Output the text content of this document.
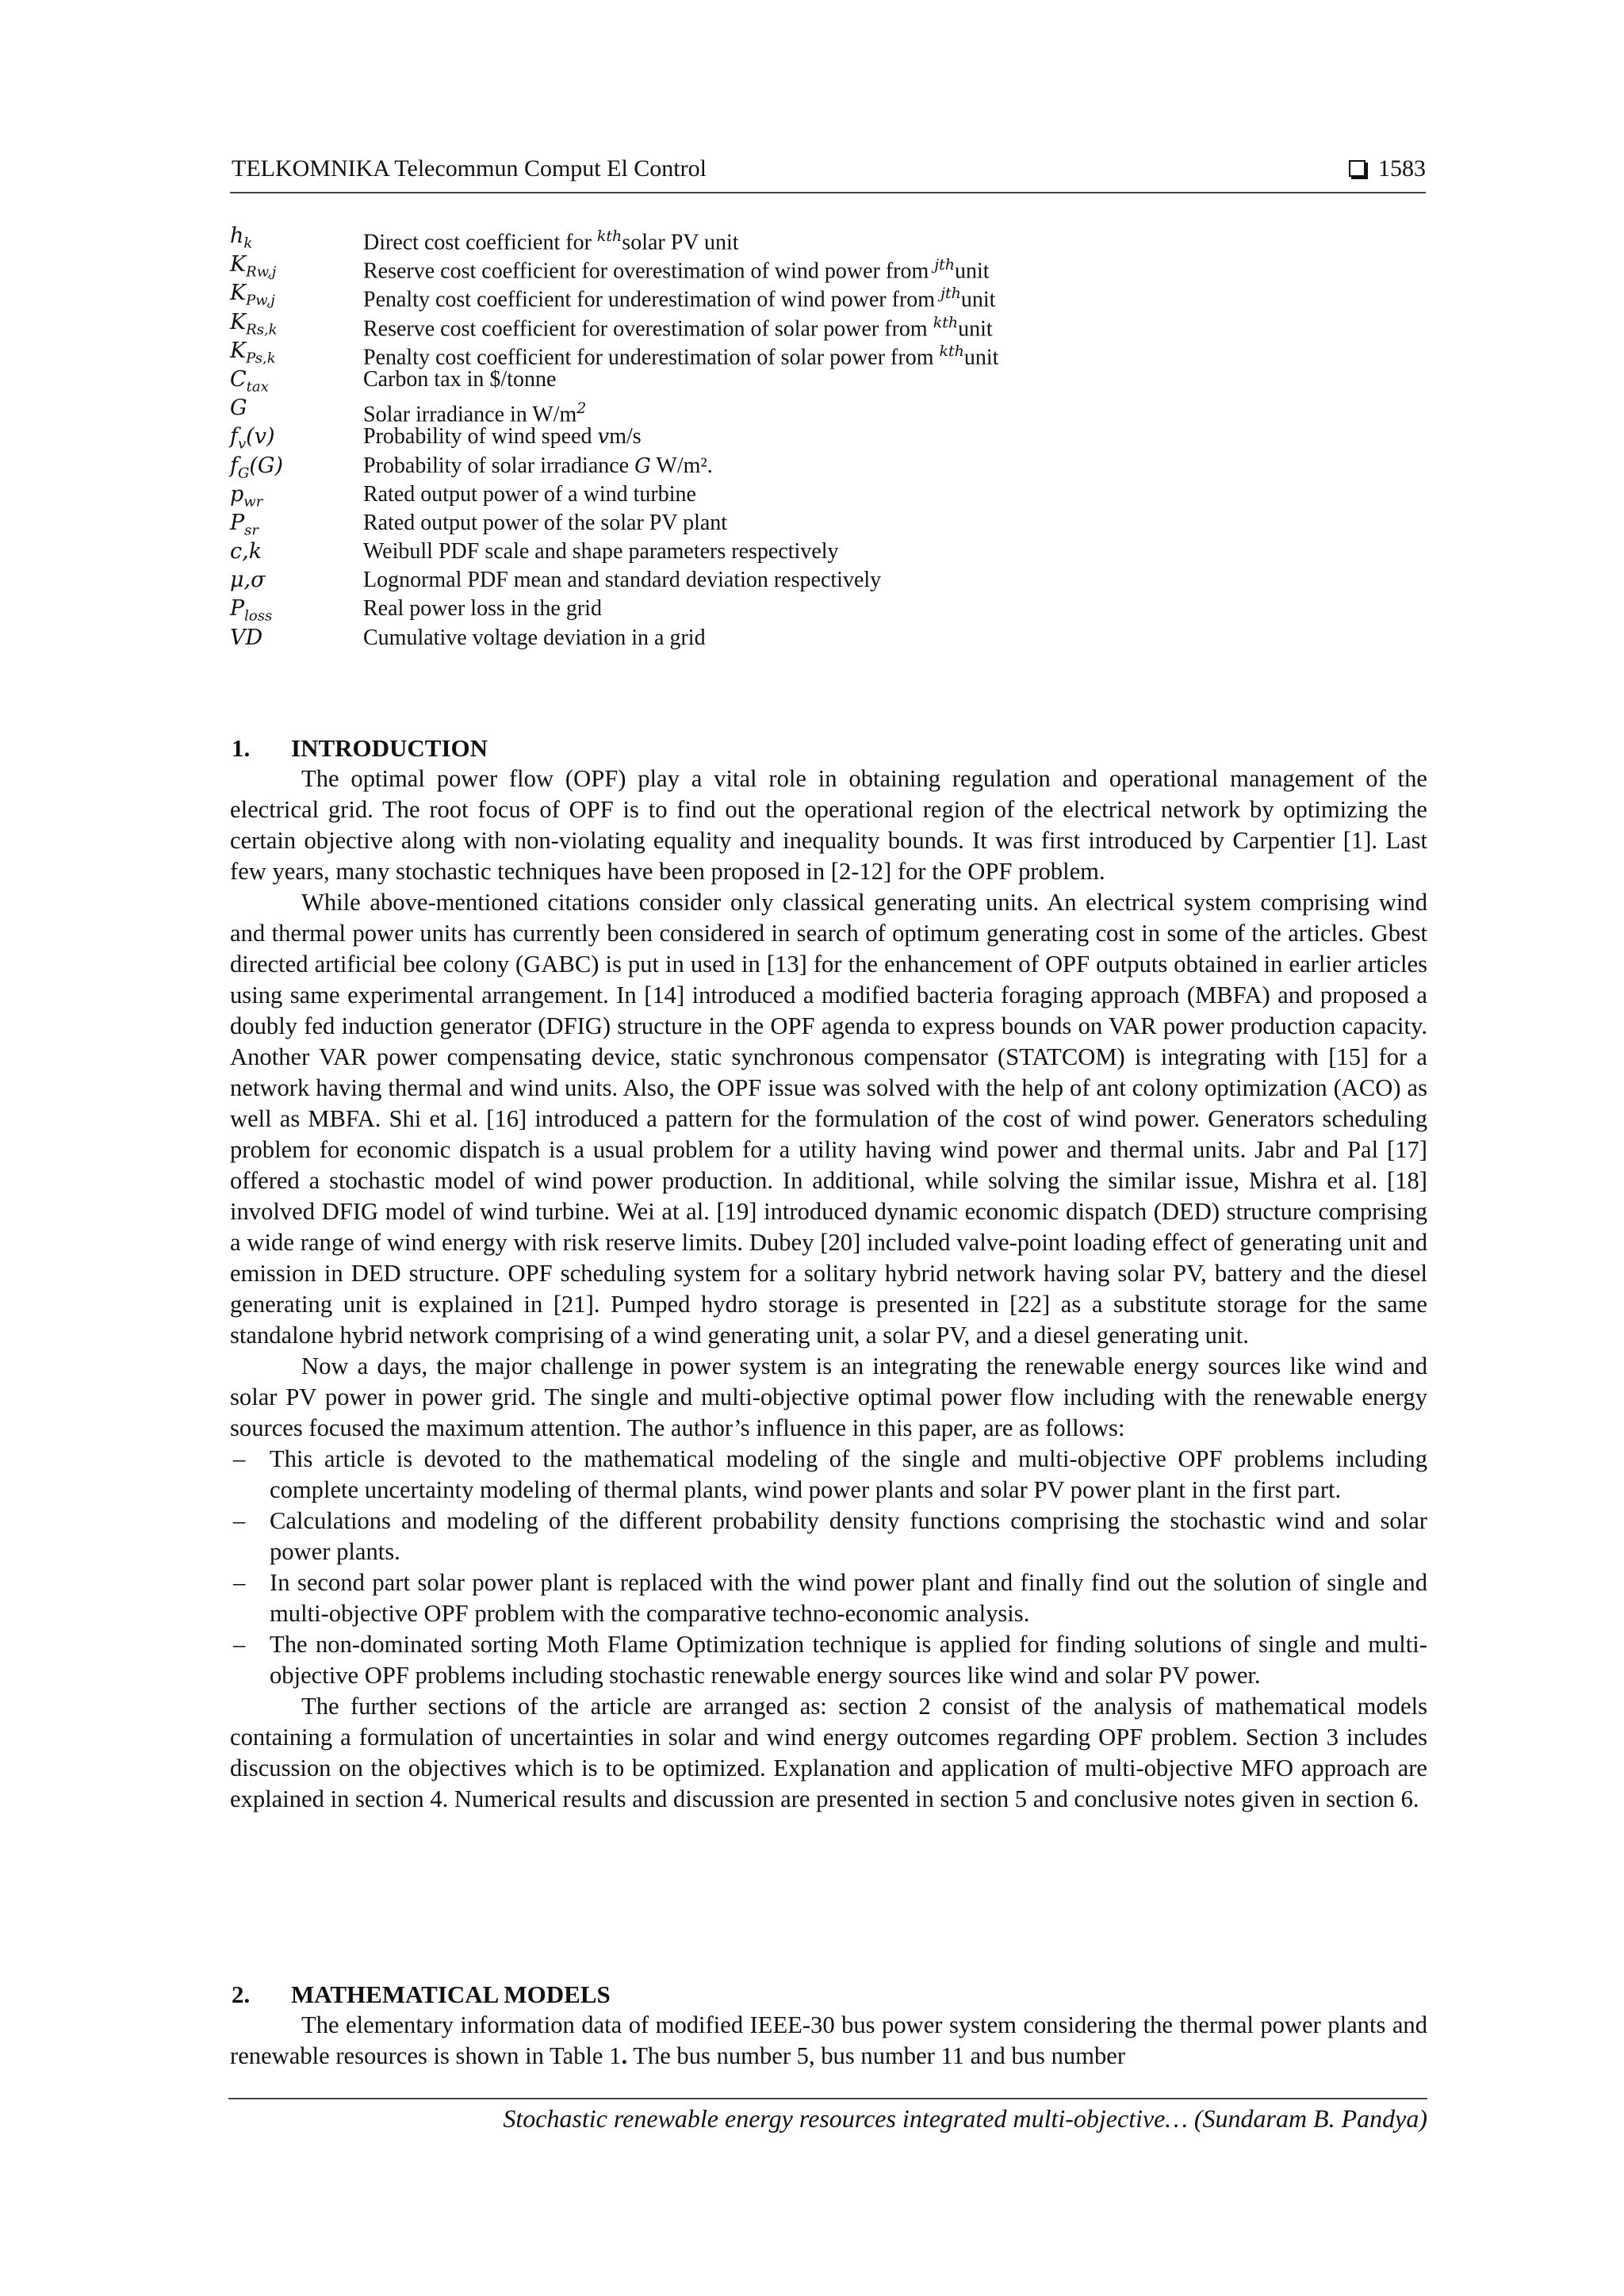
TELKOMNIKA Telecommun Comput El Control	1583
$h_k$	Direct cost coefficient for $^{kth}$solar PV unit
$K_{Rw,j}$	Reserve cost coefficient for overestimation of wind power from $^{jth}$unit
$K_{Pw,j}$	Penalty cost coefficient for underestimation of wind power from $^{jth}$unit
$K_{Rs,k}$	Reserve cost coefficient for overestimation of solar power from $^{kth}$unit
$K_{Ps,k}$	Penalty cost coefficient for underestimation of solar power from $^{kth}$unit
$C_{tax}$	Carbon tax in $/tonne
G	Solar irradiance in $W/m^2$
$f_v(v)$	Probability of wind speed vm/s
$f_G(G)$	Probability of solar irradiance G W/m².
$p_{wr}$	Rated output power of a wind turbine
$P_{sr}$	Rated output power of the solar PV plant
c,k	Weibull PDF scale and shape parameters respectively
μ,σ	Lognormal PDF mean and standard deviation respectively
$P_{loss}$	Real power loss in the grid
VD	Cumulative voltage deviation in a grid
1. INTRODUCTION

The optimal power flow (OPF) play a vital role in obtaining regulation and operational management of the electrical grid. The root focus of OPF is to find out the operational region of the electrical network by optimizing the certain objective along with non-violating equality and inequality bounds. It was first introduced by Carpentier [1]. Last few years, many stochastic techniques have been proposed in [2-12] for the OPF problem.

While above-mentioned citations consider only classical generating units. An electrical system comprising wind and thermal power units has currently been considered in search of optimum generating cost in some of the articles. Gbest directed artificial bee colony (GABC) is put in used in [13] for the enhancement of OPF outputs obtained in earlier articles using same experimental arrangement. In [14] introduced a modified bacteria foraging approach (MBFA) and proposed a doubly fed induction generator (DFIG) structure in the OPF agenda to express bounds on VAR power production capacity. Another VAR power compensating device, static synchronous compensator (STATCOM) is integrating with [15] for a network having thermal and wind units. Also, the OPF issue was solved with the help of ant colony optimization (ACO) as well as MBFA. Shi et al. [16] introduced a pattern for the formulation of the cost of wind power. Generators scheduling problem for economic dispatch is a usual problem for a utility having wind power and thermal units. Jabr and Pal [17] offered a stochastic model of wind power production. In additional, while solving the similar issue, Mishra et al. [18] involved DFIG model of wind turbine. Wei at al. [19] introduced dynamic economic dispatch (DED) structure comprising a wide range of wind energy with risk reserve limits. Dubey [20] included valve-point loading effect of generating unit and emission in DED structure. OPF scheduling system for a solitary hybrid network having solar PV, battery and the diesel generating unit is explained in [21]. Pumped hydro storage is presented in [22] as a substitute storage for the same standalone hybrid network comprising of a wind generating unit, a solar PV, and a diesel generating unit.

Now a days, the major challenge in power system is an integrating the renewable energy sources like wind and solar PV power in power grid. The single and multi-objective optimal power flow including with the renewable energy sources focused the maximum attention. The author’s influence in this paper, are as follows:

– This article is devoted to the mathematical modeling of the single and multi-objective OPF problems including complete uncertainty modeling of thermal plants, wind power plants and solar PV power plant in the first part.
– Calculations and modeling of the different probability density functions comprising the stochastic wind and solar power plants.
– In second part solar power plant is replaced with the wind power plant and finally find out the solution of single and multi-objective OPF problem with the comparative techno-economic analysis.
– The non-dominated sorting Moth Flame Optimization technique is applied for finding solutions of single and multi-objective OPF problems including stochastic renewable energy sources like wind and solar PV power.

The further sections of the article are arranged as: section 2 consist of the analysis of mathematical models containing a formulation of uncertainties in solar and wind energy outcomes regarding OPF problem. Section 3 includes discussion on the objectives which is to be optimized. Explanation and application of multi-objective MFO approach are explained in section 4. Numerical results and discussion are presented in section 5 and conclusive notes given in section 6.

2. MATHEMATICAL MODELS

The elementary information data of modified IEEE-30 bus power system considering the thermal power plants and renewable resources is shown in Table 1. The bus number 5, bus number 11 and bus number

Stochastic renewable energy resources integrated multi-objective… (Sundaram B. Pandya)
